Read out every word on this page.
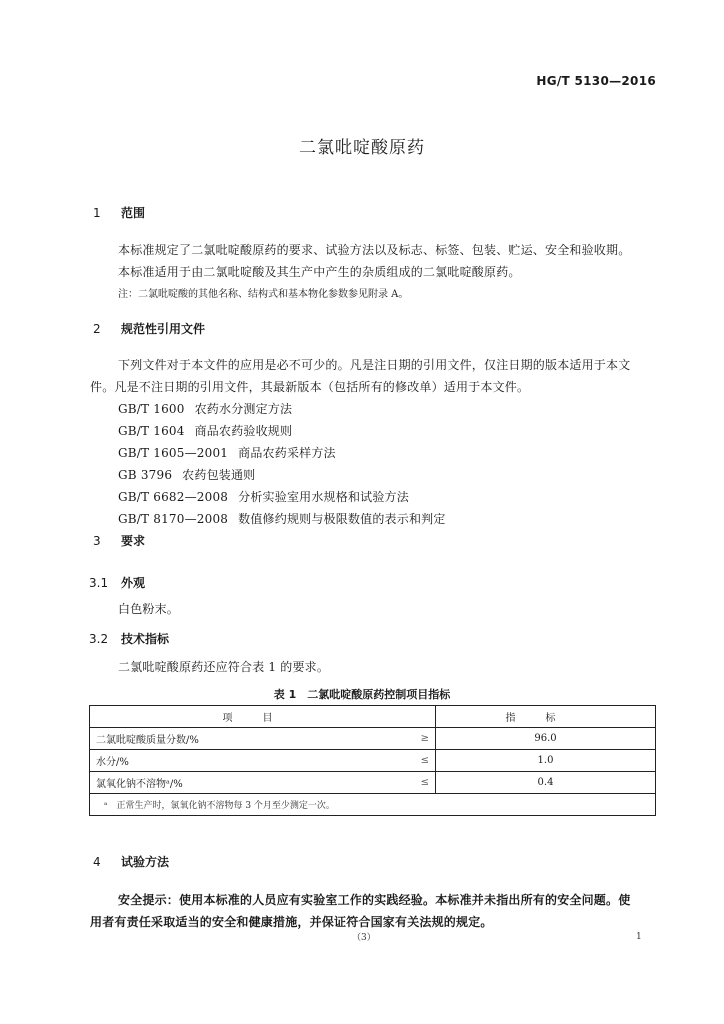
HG/T 5130—2016
二氯吡啶酸原药
1 范围
本标准规定了二氯吡啶酸原药的要求、试验方法以及标志、标签、包装、贮运、安全和验收期。
本标准适用于由二氯吡啶酸及其生产中产生的杂质组成的二氯吡啶酸原药。
注：二氯吡啶酸的其他名称、结构式和基本物化参数参见附录 A。
2 规范性引用文件
下列文件对于本文件的应用是必不可少的。凡是注日期的引用文件，仅注日期的版本适用于本文
件。凡是不注日期的引用文件，其最新版本（包括所有的修改单）适用于本文件。
GB/T 1600 农药水分测定方法
GB/T 1604 商品农药验收规则
GB/T 1605—2001 商品农药采样方法
GB 3796 农药包装通则
GB/T 6682—2008 分析实验室用水规格和试验方法
GB/T 8170—2008 数值修约规则与极限数值的表示和判定
3 要求
3.1 外观
白色粉末。
3.2 技术指标
二氯吡啶酸原药还应符合表 1 的要求。
表 1　二氯吡啶酸原药控制项目指标
项目		指标
二氯吡啶酸质量分数/%	≥	96.0
水分/%	≤	1.0
氯氧化钠不溶物ᵃ/%	≤	0.4
ᵃ　正常生产时，氯氧化钠不溶物每 3 个月至少测定一次。		
4 试验方法
安全提示：使用本标准的人员应有实验室工作的实践经验。本标准并未指出所有的安全问题。使
用者有责任采取适当的安全和健康措施，并保证符合国家有关法规的规定。
（3）	1
